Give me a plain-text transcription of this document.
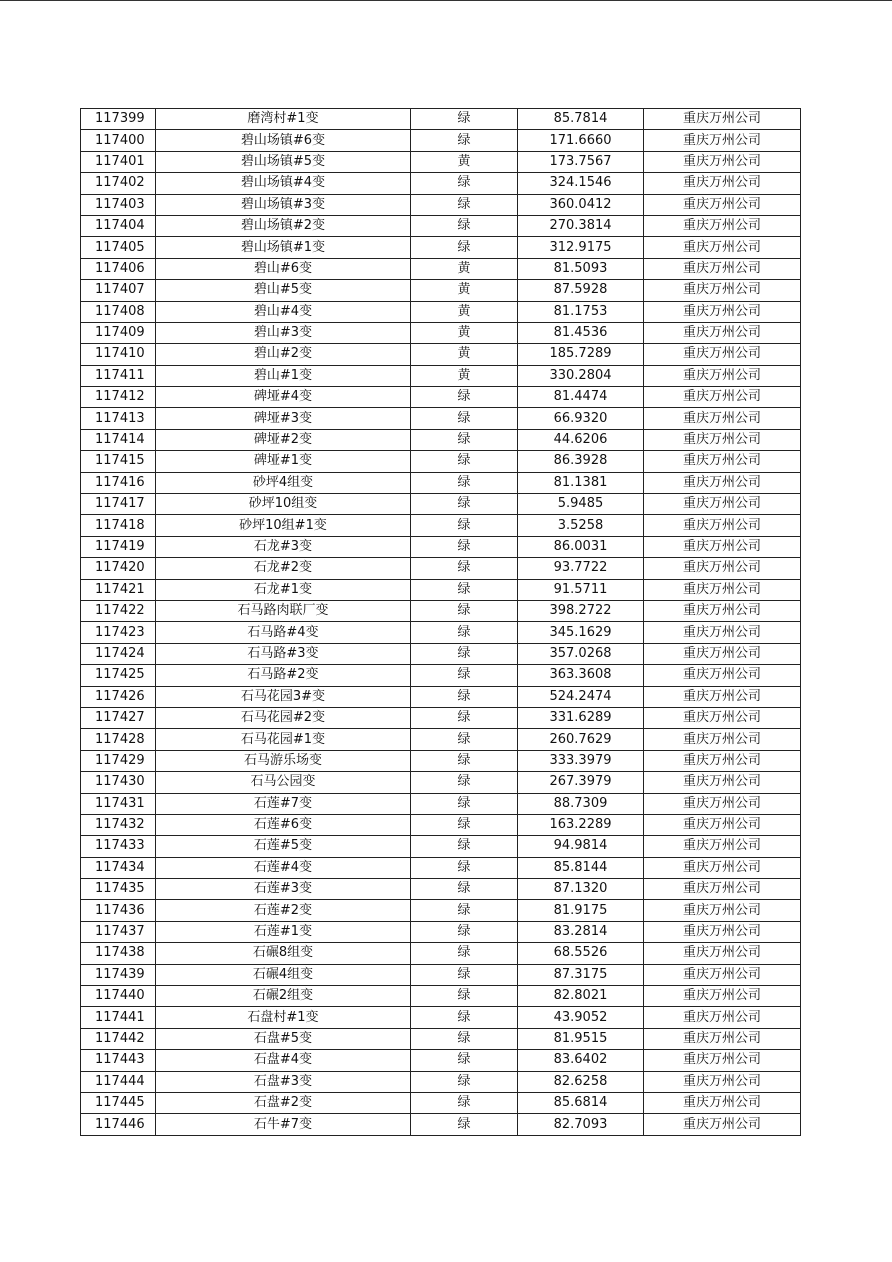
117399	磨湾村#1变	绿	85.7814	重庆万州公司
117400	碧山场镇#6变	绿	171.6660	重庆万州公司
117401	碧山场镇#5变	黄	173.7567	重庆万州公司
117402	碧山场镇#4变	绿	324.1546	重庆万州公司
117403	碧山场镇#3变	绿	360.0412	重庆万州公司
117404	碧山场镇#2变	绿	270.3814	重庆万州公司
117405	碧山场镇#1变	绿	312.9175	重庆万州公司
117406	碧山#6变	黄	81.5093	重庆万州公司
117407	碧山#5变	黄	87.5928	重庆万州公司
117408	碧山#4变	黄	81.1753	重庆万州公司
117409	碧山#3变	黄	81.4536	重庆万州公司
117410	碧山#2变	黄	185.7289	重庆万州公司
117411	碧山#1变	黄	330.2804	重庆万州公司
117412	碑垭#4变	绿	81.4474	重庆万州公司
117413	碑垭#3变	绿	66.9320	重庆万州公司
117414	碑垭#2变	绿	44.6206	重庆万州公司
117415	碑垭#1变	绿	86.3928	重庆万州公司
117416	砂坪4组变	绿	81.1381	重庆万州公司
117417	砂坪10组变	绿	5.9485	重庆万州公司
117418	砂坪10组#1变	绿	3.5258	重庆万州公司
117419	石龙#3变	绿	86.0031	重庆万州公司
117420	石龙#2变	绿	93.7722	重庆万州公司
117421	石龙#1变	绿	91.5711	重庆万州公司
117422	石马路肉联厂变	绿	398.2722	重庆万州公司
117423	石马路#4变	绿	345.1629	重庆万州公司
117424	石马路#3变	绿	357.0268	重庆万州公司
117425	石马路#2变	绿	363.3608	重庆万州公司
117426	石马花园3#变	绿	524.2474	重庆万州公司
117427	石马花园#2变	绿	331.6289	重庆万州公司
117428	石马花园#1变	绿	260.7629	重庆万州公司
117429	石马游乐场变	绿	333.3979	重庆万州公司
117430	石马公园变	绿	267.3979	重庆万州公司
117431	石莲#7变	绿	88.7309	重庆万州公司
117432	石莲#6变	绿	163.2289	重庆万州公司
117433	石莲#5变	绿	94.9814	重庆万州公司
117434	石莲#4变	绿	85.8144	重庆万州公司
117435	石莲#3变	绿	87.1320	重庆万州公司
117436	石莲#2变	绿	81.9175	重庆万州公司
117437	石莲#1变	绿	83.2814	重庆万州公司
117438	石碾8组变	绿	68.5526	重庆万州公司
117439	石碾4组变	绿	87.3175	重庆万州公司
117440	石碾2组变	绿	82.8021	重庆万州公司
117441	石盘村#1变	绿	43.9052	重庆万州公司
117442	石盘#5变	绿	81.9515	重庆万州公司
117443	石盘#4变	绿	83.6402	重庆万州公司
117444	石盘#3变	绿	82.6258	重庆万州公司
117445	石盘#2变	绿	85.6814	重庆万州公司
117446	石牛#7变	绿	82.7093	重庆万州公司
